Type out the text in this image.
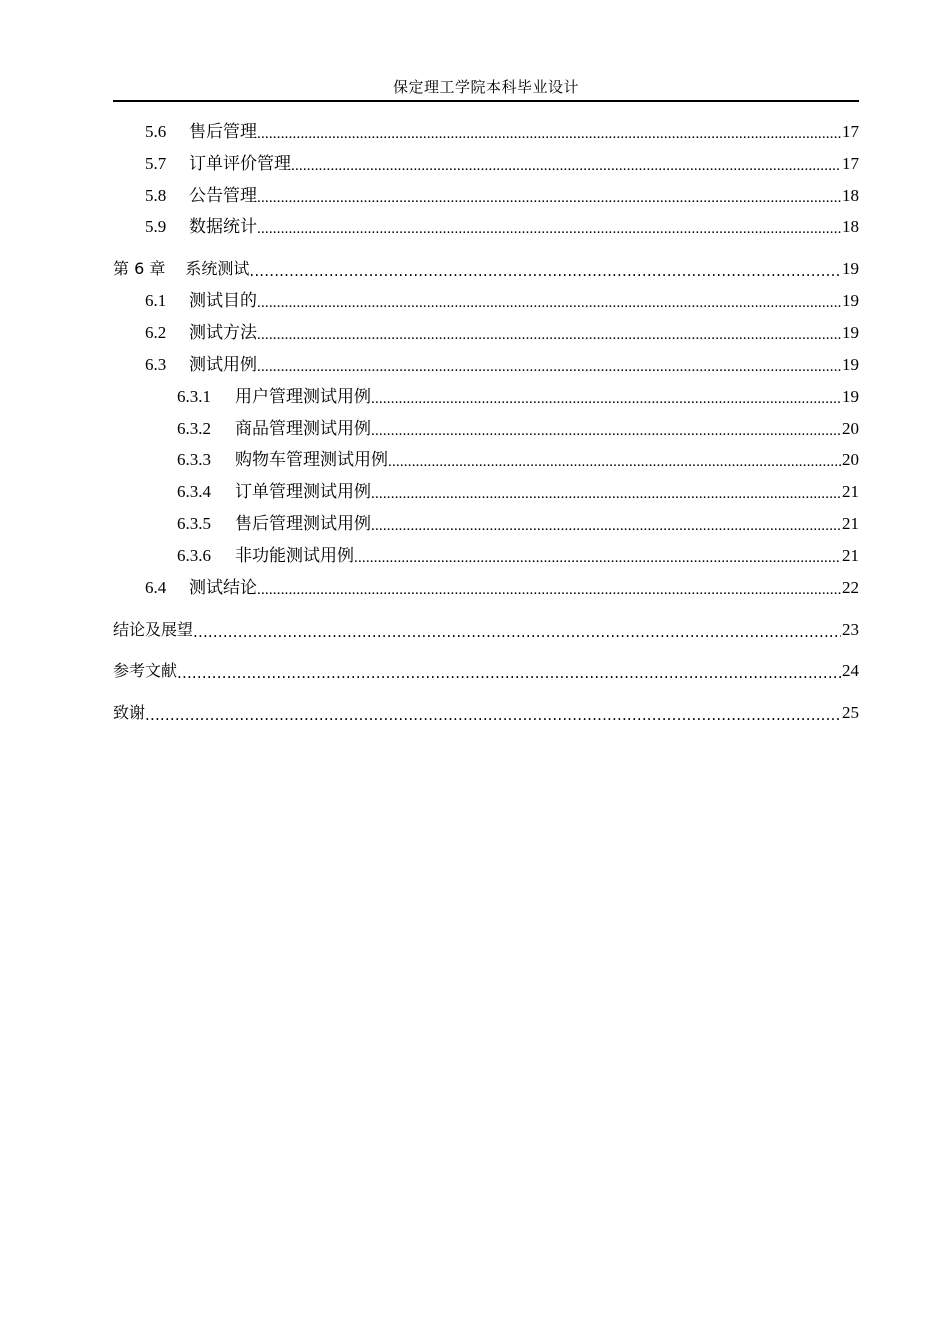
保定理工学院本科毕业设计
5.6	售后管理 .....	17
5.7	订单评价管理 .....	17
5.8	公告管理 .....	18
5.9	数据统计 .....	18
第 6 章	系统测试 .....	19
6.1	测试目的 .....	19
6.2	测试方法 .....	19
6.3	测试用例 .....	19
6.3.1	用户管理测试用例 .....	19
6.3.2	商品管理测试用例 .....	20
6.3.3	购物车管理测试用例 .....	20
6.3.4	订单管理测试用例 .....	21
6.3.5	售后管理测试用例 .....	21
6.3.6	非功能测试用例 .....	21
6.4	测试结论 .....	22
结论及展望 .....	23
参考文献 .....	24
致谢 .....	25
